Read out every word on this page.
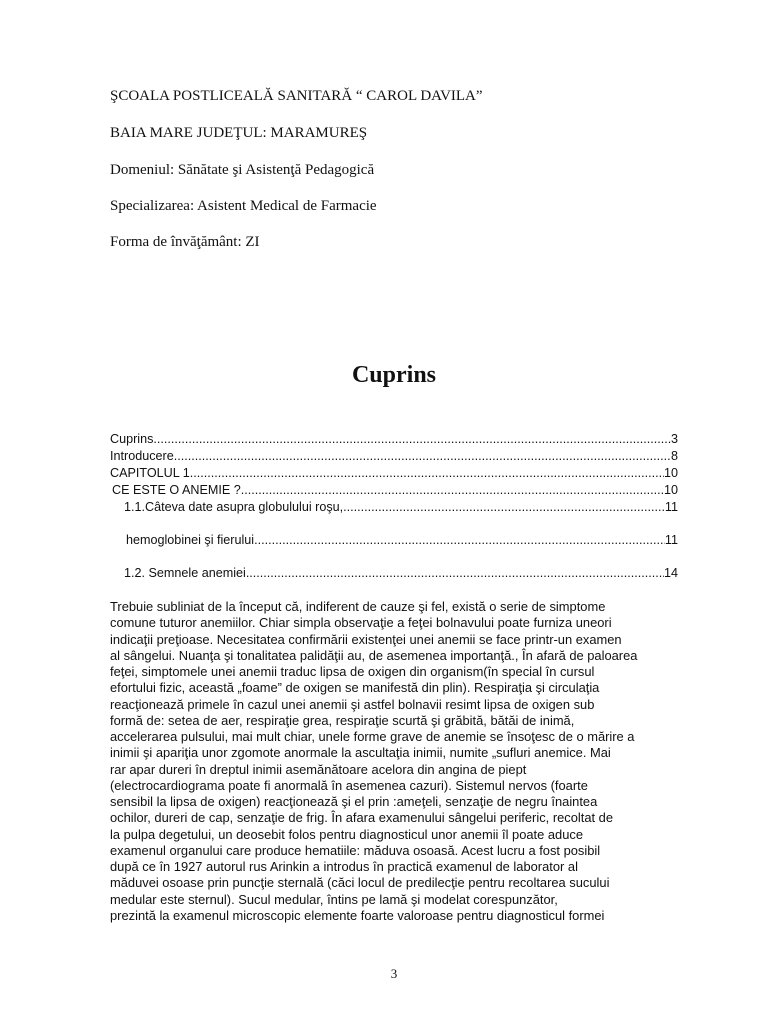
ŞCOALA POSTLICEALĂ SANITARĂ “ CAROL DAVILA”
BAIA MARE JUDEŢUL: MARAMUREŞ
Domeniul: Sănătate şi Asistenţă Pedagogică
Specializarea: Asistent Medical de Farmacie
Forma de învăţământ: ZI
Cuprins
Cuprins .....	3
Introducere .....	8
CAPITOLUL 1 .....	10
CE ESTE O ANEMIE ? .....	10
1.1.Câteva date asupra globulului roşu, .....	11
hemoglobinei şi fierului .....	11
1.2. Semnele anemiei .....	14
Trebuie subliniat de la început că, indiferent de cauze şi fel, există o serie de simptome
comune tuturor anemiilor. Chiar simpla observaţie a feţei bolnavului poate furniza uneori
indicaţii preţioase. Necesitatea confirmării existenţei unei anemii se face printr-un examen
al sângelui. Nuanţa şi tonalitatea palidăţii au, de asemenea importanţă., În afară de paloarea
feţei, simptomele unei anemii traduc lipsa de oxigen din organism(în special în cursul
efortului fizic, această „foame” de oxigen se manifestă din plin). Respiraţia şi circulaţia
reacţionează primele în cazul unei anemii şi astfel bolnavii resimt lipsa de oxigen sub
formă de: setea de aer, respiraţie grea, respiraţie scurtă şi grăbită, bătăi de inimă,
accelerarea pulsului, mai mult chiar, unele forme grave de anemie se însoţesc de o mărire a
inimii şi apariţia unor zgomote anormale la ascultaţia inimii, numite „sufluri anemice. Mai
rar apar dureri în dreptul inimii asemănătoare acelora din angina de piept
(electrocardiograma poate fi anormală în asemenea cazuri). Sistemul nervos (foarte
sensibil la lipsa de oxigen) reacţionează şi el prin :ameţeli, senzaţie de negru înaintea
ochilor, dureri de cap, senzaţie de frig. În afara examenului sângelui periferic, recoltat de
la pulpa degetului, un deosebit folos pentru diagnosticul unor anemii îl poate aduce
examenul organului care produce hematiile: măduva osoasă. Acest lucru a fost posibil
după ce în 1927 autorul rus Arinkin a introdus în practică examenul de laborator al
măduvei osoase prin puncţie sternală (căci locul de predilecţie pentru recoltarea sucului
medular este sternul). Sucul medular, întins pe lamă şi modelat corespunzător,
prezintă la examenul microscopic elemente foarte valoroase pentru diagnosticul formei
3
